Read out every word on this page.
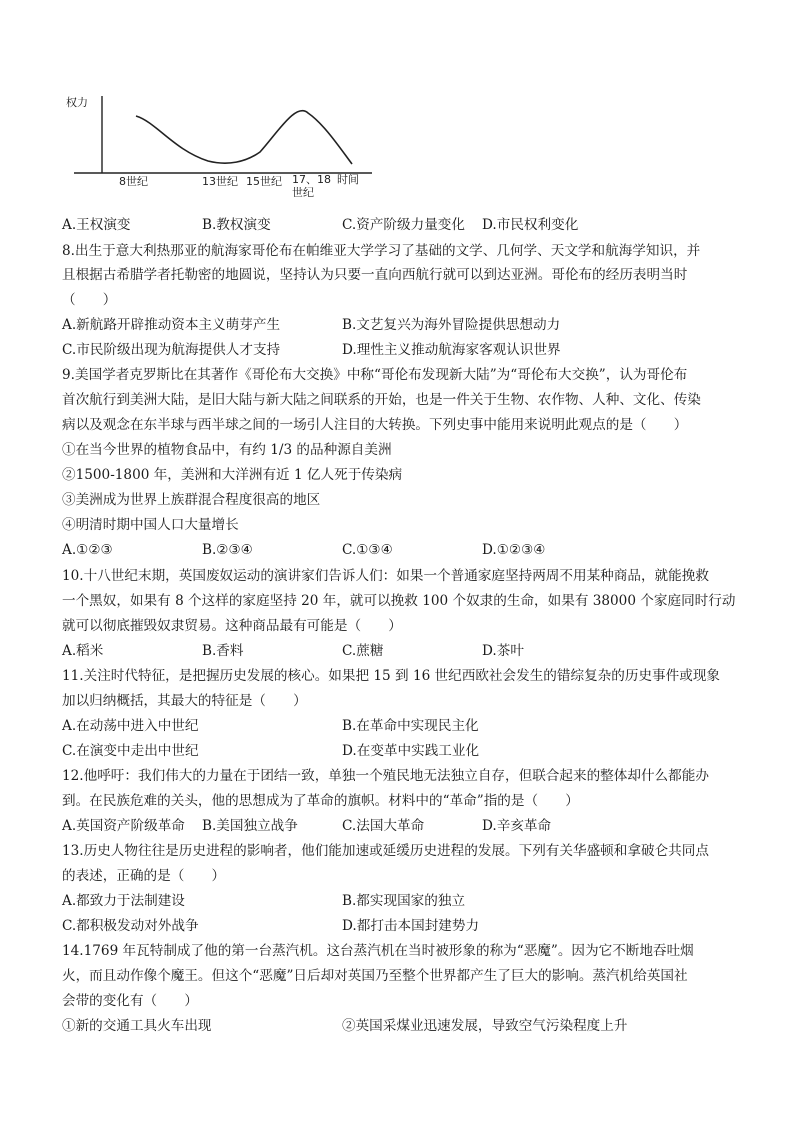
权力
8世纪	13世纪 15世纪 17、18
世纪
时间
A.王权演变	B.教权演变	C.资产阶级力量变化 D.市民权利变化
8.出生于意大利热那亚的航海家哥伦布在帕维亚大学学习了基础的文学、几何学、天文学和航海学知识，并
且根据古希腊学者托勒密的地圆说，坚持认为只要一直向西航行就可以到达亚洲。哥伦布的经历表明当时
（　　）
A.新航路开辟推动资本主义萌芽产生	B.文艺复兴为海外冒险提供思想动力
C.市民阶级出现为航海提供人才支持	D.理性主义推动航海家客观认识世界
9.美国学者克罗斯比在其著作《哥伦布大交换》中称“哥伦布发现新大陆”为“哥伦布大交换”，认为哥伦布
首次航行到美洲大陆，是旧大陆与新大陆之间联系的开始，也是一件关于生物、农作物、人种、文化、传染
病以及观念在东半球与西半球之间的一场引人注目的大转换。下列史事中能用来说明此观点的是（　　）
①在当今世界的植物食品中，有约 1/3 的品种源自美洲
②1500-1800 年，美洲和大洋洲有近 1 亿人死于传染病
③美洲成为世界上族群混合程度很高的地区
④明清时期中国人口大量增长
A.①②③	B.②③④	C.①③④	D.①②③④
10.十八世纪末期，英国废奴运动的演讲家们告诉人们：如果一个普通家庭坚持两周不用某种商品，就能挽救
一个黑奴，如果有 8 个这样的家庭坚持 20 年，就可以挽救 100 个奴隶的生命，如果有 38000 个家庭同时行动
就可以彻底摧毁奴隶贸易。这种商品最有可能是（　　）
A.稻米	B.香料	C.蔗糖	D.茶叶
11.关注时代特征，是把握历史发展的核心。如果把 15 到 16 世纪西欧社会发生的错综复杂的历史事件或现象
加以归纳概括，其最大的特征是（　　）
A.在动荡中进入中世纪	B.在革命中实现民主化
C.在演变中走出中世纪	D.在变革中实践工业化
12.他呼吁：我们伟大的力量在于团结一致，单独一个殖民地无法独立自存，但联合起来的整体却什么都能办
到。在民族危难的关头，他的思想成为了革命的旗帜。材料中的“革命”指的是（　　）
A.英国资产阶级革命 B.美国独立战争	C.法国大革命	D.辛亥革命
13.历史人物往往是历史进程的影响者，他们能加速或延缓历史进程的发展。下列有关华盛顿和拿破仑共同点
的表述，正确的是（　　）
A.都致力于法制建设	B.都实现国家的独立
C.都积极发动对外战争	D.都打击本国封建势力
14.1769 年瓦特制成了他的第一台蒸汽机。这台蒸汽机在当时被形象的称为“恶魔”。因为它不断地吞吐烟
火，而且动作像个魔王。但这个“恶魔”日后却对英国乃至整个世界都产生了巨大的影响。蒸汽机给英国社
会带的变化有（　　）
①新的交通工具火车出现	②英国采煤业迅速发展，导致空气污染程度上升
